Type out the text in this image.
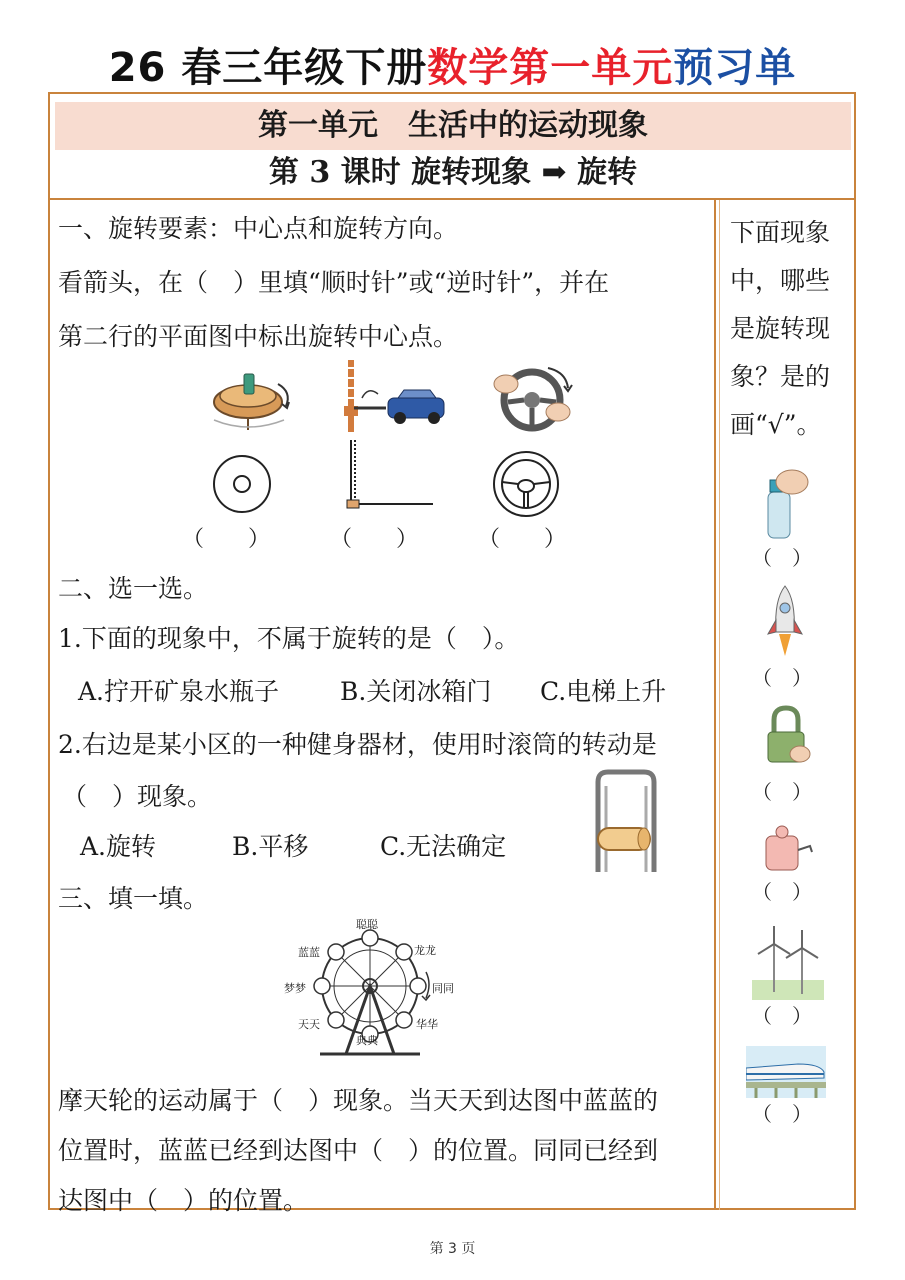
26 春三年级下册数学第一单元预习单
第一单元　生活中的运动现象
第 3 课时 旋转现象 ➡ 旋转
一、旋转要素：中心点和旋转方向。
看箭头，在（　）里填“顺时针”或“逆时针”，并在
第二行的平面图中标出旋转中心点。
（　　）	（　　）	（　　）
二、选一选。
1.下面的现象中，不属于旋转的是（　）。
A.拧开矿泉水瓶子 B.关闭冰箱门 C.电梯上升
2.右边是某小区的一种健身器材，使用时滚筒的转动是
（　）现象。
A.旋转	B.平移	C.无法确定
三、填一填。
聪聪
龙龙
同同
华华
典典
天天
梦梦
蓝蓝
摩天轮的运动属于（　）现象。当天天到达图中蓝蓝的
位置时，蓝蓝已经到达图中（　）的位置。同同已经到
达图中（　）的位置。
下面现象
中，哪些
是旋转现
象？是的
画“√”。
（　）
（　）
（　）
（　）
（　）
（　）
第 3 页
